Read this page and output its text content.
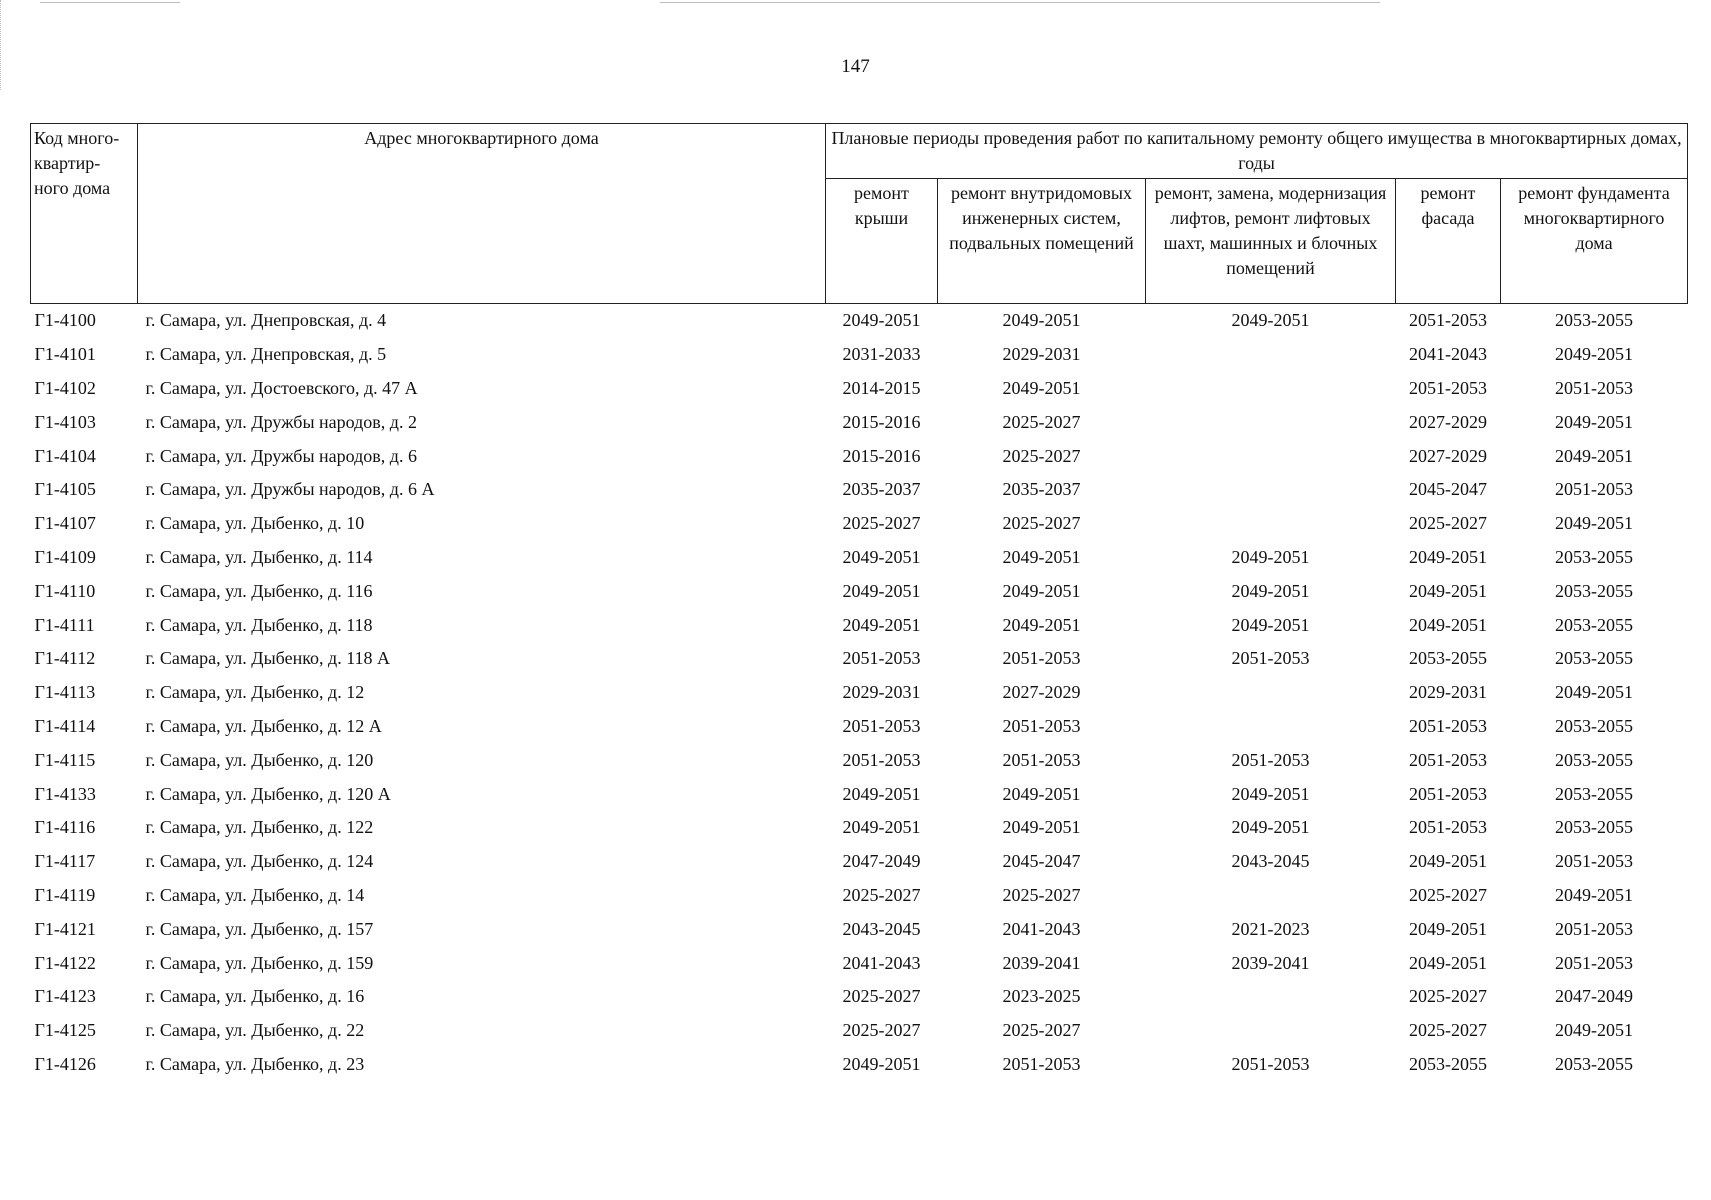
147
Код много-квартир-ного дома	Адрес многоквартирного дома	Плановые периоды проведения работ по капитальному ремонту общего имущества в многоквартирных домах, годы				
		ремонт крыши	ремонт внутридомовых инженерных систем, подвальных помещений	ремонт, замена, модернизация лифтов, ремонт лифтовых шахт, машинных и блочных помещений	ремонт фасада	ремонт фундамента многоквартирного дома
Г1-4100	г. Самара, ул. Днепровская, д. 4	2049-2051	2049-2051	2049-2051	2051-2053	2053-2055
Г1-4101	г. Самара, ул. Днепровская, д. 5	2031-2033	2029-2031		2041-2043	2049-2051
Г1-4102	г. Самара, ул. Достоевского, д. 47 А	2014-2015	2049-2051		2051-2053	2051-2053
Г1-4103	г. Самара, ул. Дружбы народов, д. 2	2015-2016	2025-2027		2027-2029	2049-2051
Г1-4104	г. Самара, ул. Дружбы народов, д. 6	2015-2016	2025-2027		2027-2029	2049-2051
Г1-4105	г. Самара, ул. Дружбы народов, д. 6 А	2035-2037	2035-2037		2045-2047	2051-2053
Г1-4107	г. Самара, ул. Дыбенко, д. 10	2025-2027	2025-2027		2025-2027	2049-2051
Г1-4109	г. Самара, ул. Дыбенко, д. 114	2049-2051	2049-2051	2049-2051	2049-2051	2053-2055
Г1-4110	г. Самара, ул. Дыбенко, д. 116	2049-2051	2049-2051	2049-2051	2049-2051	2053-2055
Г1-4111	г. Самара, ул. Дыбенко, д. 118	2049-2051	2049-2051	2049-2051	2049-2051	2053-2055
Г1-4112	г. Самара, ул. Дыбенко, д. 118 А	2051-2053	2051-2053	2051-2053	2053-2055	2053-2055
Г1-4113	г. Самара, ул. Дыбенко, д. 12	2029-2031	2027-2029		2029-2031	2049-2051
Г1-4114	г. Самара, ул. Дыбенко, д. 12 А	2051-2053	2051-2053		2051-2053	2053-2055
Г1-4115	г. Самара, ул. Дыбенко, д. 120	2051-2053	2051-2053	2051-2053	2051-2053	2053-2055
Г1-4133	г. Самара, ул. Дыбенко, д. 120 А	2049-2051	2049-2051	2049-2051	2051-2053	2053-2055
Г1-4116	г. Самара, ул. Дыбенко, д. 122	2049-2051	2049-2051	2049-2051	2051-2053	2053-2055
Г1-4117	г. Самара, ул. Дыбенко, д. 124	2047-2049	2045-2047	2043-2045	2049-2051	2051-2053
Г1-4119	г. Самара, ул. Дыбенко, д. 14	2025-2027	2025-2027		2025-2027	2049-2051
Г1-4121	г. Самара, ул. Дыбенко, д. 157	2043-2045	2041-2043	2021-2023	2049-2051	2051-2053
Г1-4122	г. Самара, ул. Дыбенко, д. 159	2041-2043	2039-2041	2039-2041	2049-2051	2051-2053
Г1-4123	г. Самара, ул. Дыбенко, д. 16	2025-2027	2023-2025		2025-2027	2047-2049
Г1-4125	г. Самара, ул. Дыбенко, д. 22	2025-2027	2025-2027		2025-2027	2049-2051
Г1-4126	г. Самара, ул. Дыбенко, д. 23	2049-2051	2051-2053	2051-2053	2053-2055	2053-2055
